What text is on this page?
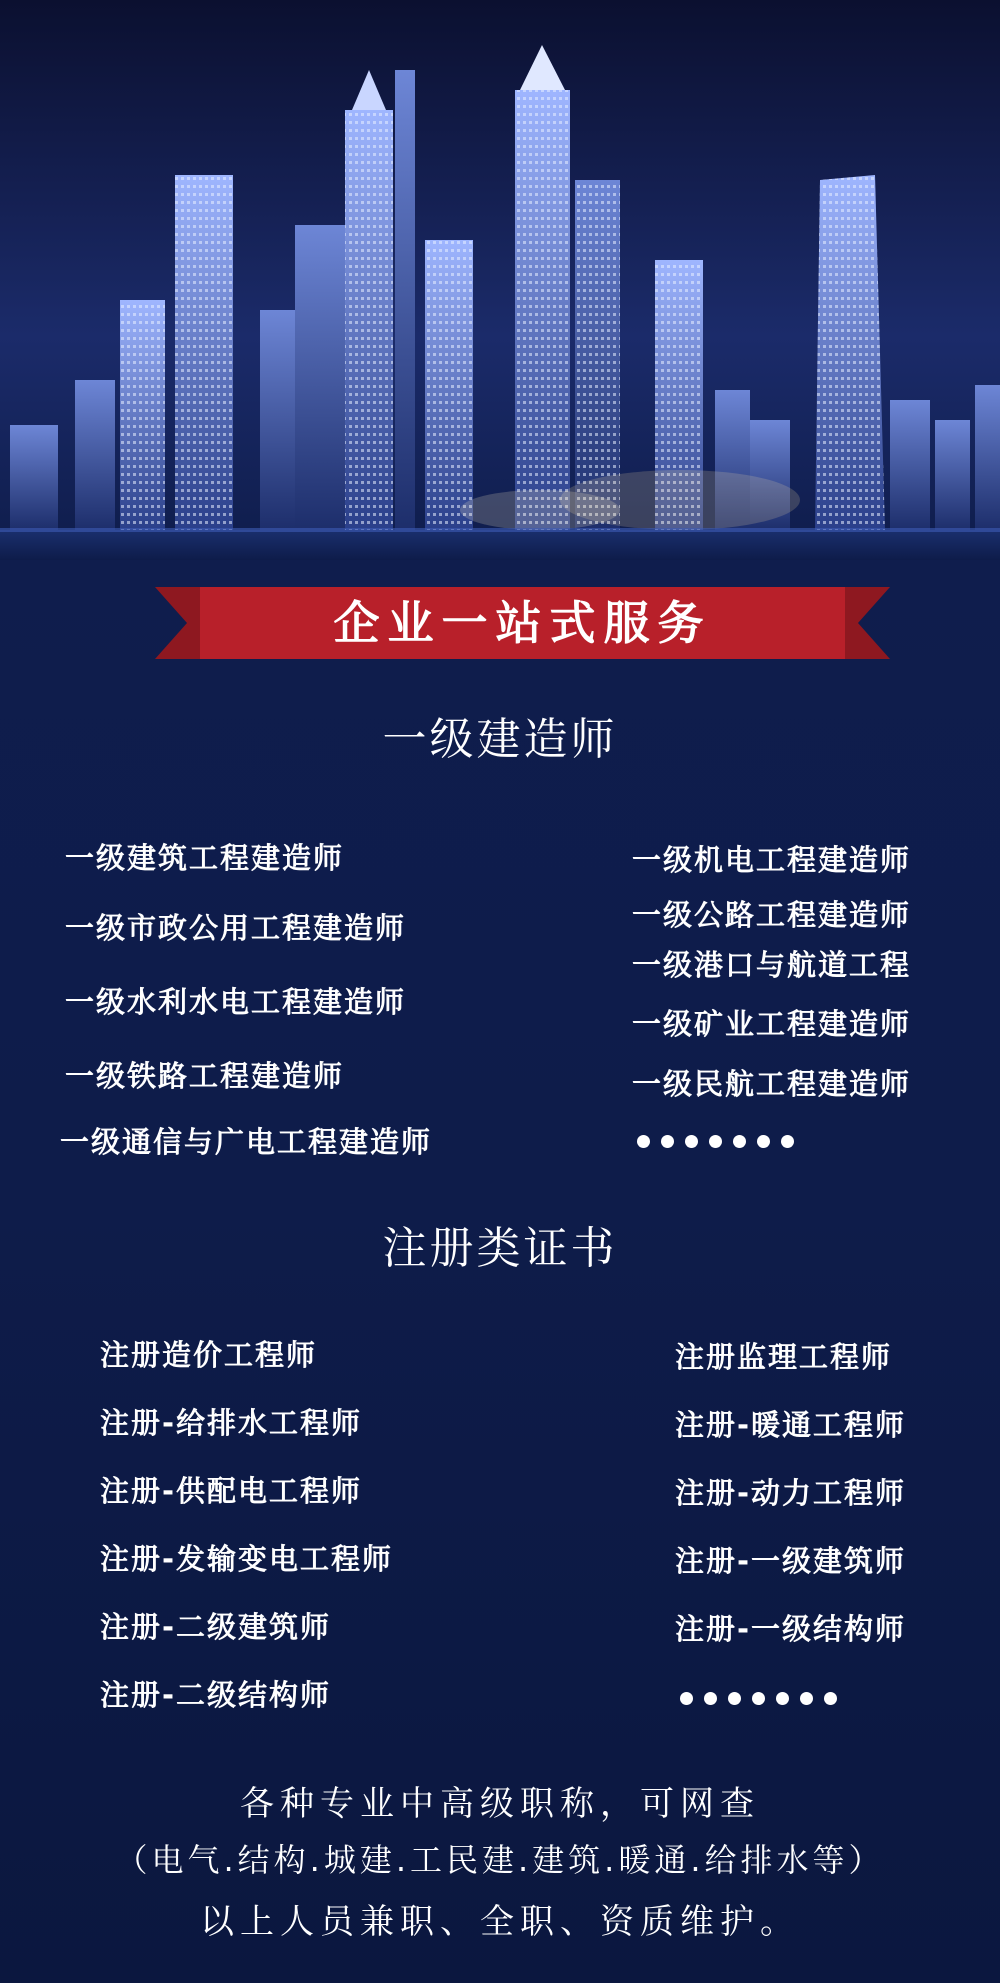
企业一站式服务
一级建造师
一级建筑工程建造师
一级市政公用工程建造师
一级水利水电工程建造师
一级铁路工程建造师
一级通信与广电工程建造师
一级机电工程建造师
一级公路工程建造师
一级港口与航道工程
一级矿业工程建造师
一级民航工程建造师
注册类证书
注册造价工程师
注册-给排水工程师
注册-供配电工程师
注册-发输变电工程师
注册-二级建筑师
注册-二级结构师
注册监理工程师
注册-暖通工程师
注册-动力工程师
注册-一级建筑师
注册-一级结构师
各种专业中高级职称，可网查
（电气.结构.城建.工民建.建筑.暖通.给排水等）
以上人员兼职、全职、资质维护。
